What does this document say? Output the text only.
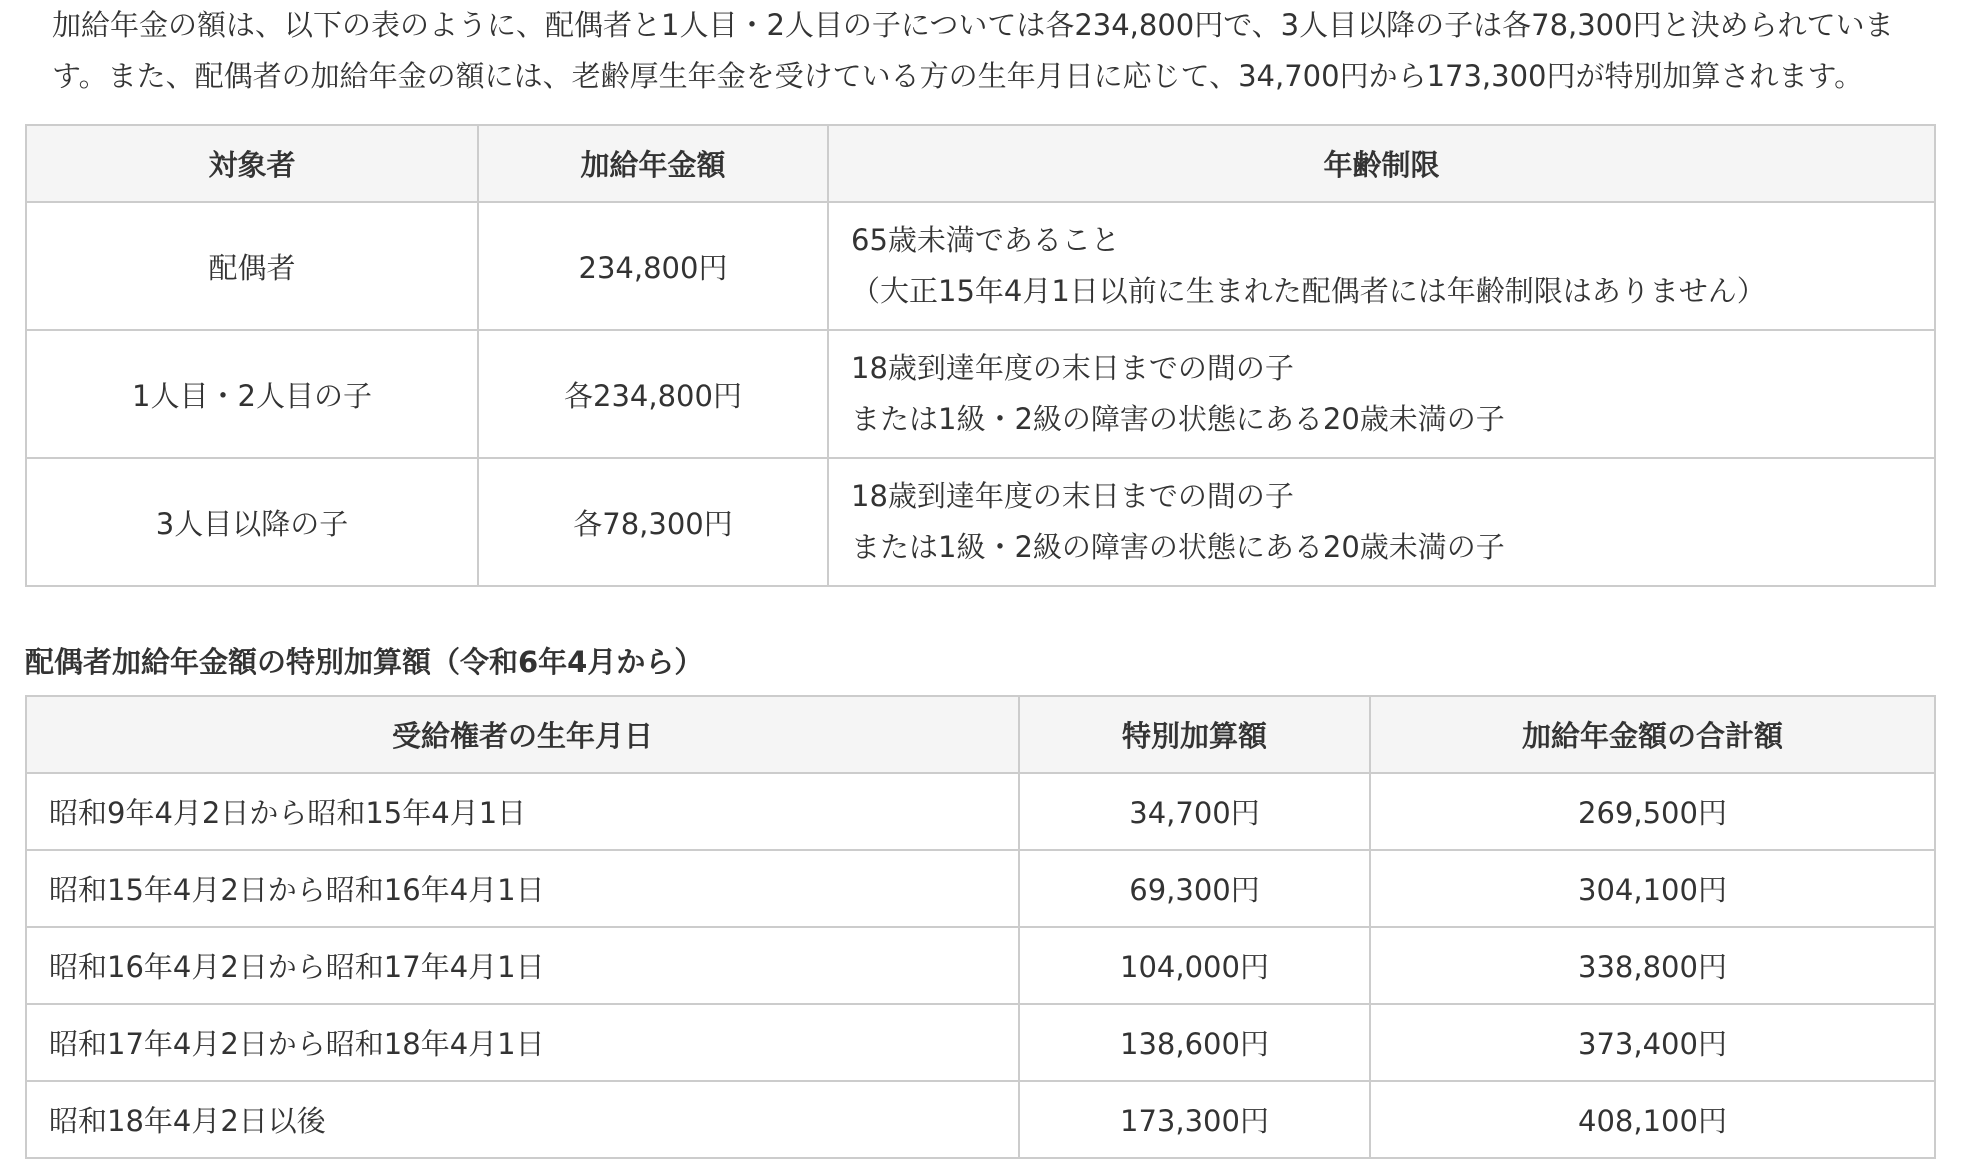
加給年金の額は、以下の表のように、配偶者と1人目・2人目の子については各234,800円で、3人目以降の子は各78,300円と決められていま
す。また、配偶者の加給年金の額には、老齢厚生年金を受けている方の生年月日に応じて、34,700円から173,300円が特別加算されます。

対象者	加給年金額	年齢制限
配偶者	234,800円	65歳未満であること
（大正15年4月1日以前に生まれた配偶者には年齢制限はありません）

1人目・2人目の子	各234,800円	18歳到達年度の末日までの間の子
または1級・2級の障害の状態にある20歳未満の子

3人目以降の子	各78,300円	18歳到達年度の末日までの間の子
または1級・2級の障害の状態にある20歳未満の子
配偶者加給年金額の特別加算額（令和6年4月から）
受給権者の生年月日	特別加算額	加給年金額の合計額
昭和9年4月2日から昭和15年4月1日	34,700円	269,500円
昭和15年4月2日から昭和16年4月1日	69,300円	304,100円
昭和16年4月2日から昭和17年4月1日	104,000円	338,800円
昭和17年4月2日から昭和18年4月1日	138,600円	373,400円
昭和18年4月2日以後	173,300円	408,100円
